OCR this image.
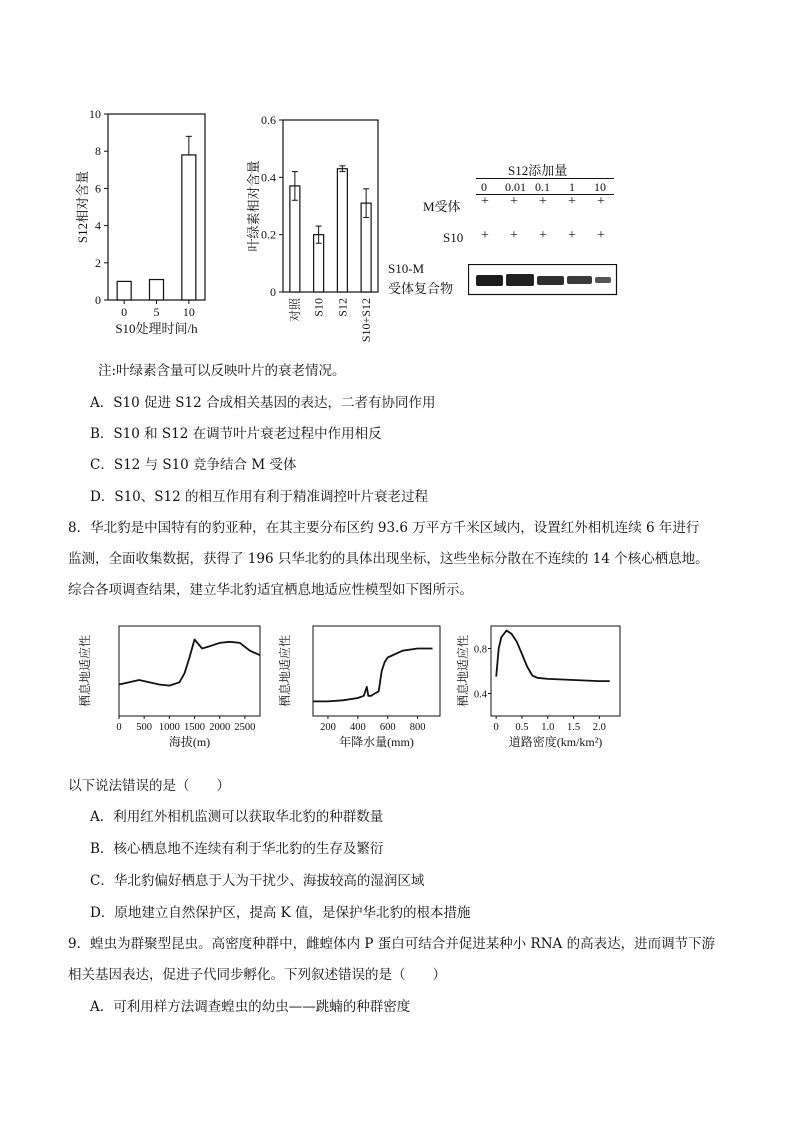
0
2
4
6
8
10
0 5 10
S10处理时间/h
S12相对含量
0
0.2
0.4
0.6
对照 S10 S12 S10+S12
叶绿素相对含量	S12添加量
0 0.01 0.1 1 10
M受体 + + + + +
S10 + + + + +
S10-M
受体复合物
注:叶绿素含量可以反映叶片的衰老情况。
A．S10 促进 S12 合成相关基因的表达，二者有协同作用
B．S10 和 S12 在调节叶片衰老过程中作用相反
C．S12 与 S10 竞争结合 M 受体
D．S10、S12 的相互作用有利于精准调控叶片衰老过程
8．华北豹是中国特有的豹亚种，在其主要分布区约 93.6 万平方千米区域内，设置红外相机连续 6 年进行
监测，全面收集数据，获得了 196 只华北豹的具体出现坐标，这些坐标分散在不连续的 14 个核心栖息地。
综合各项调查结果，建立华北豹适宜栖息地适应性模型如下图所示。
0 500 1000 1500 2000 2500
海拔(m)
栖息地适应性
200 400 600 800
年降水量(mm)
栖息地适应性
0 0.5 1.0 1.5 2.0
0.4
0.8
道路密度(km/km²)
栖息地适应性
以下说法错误的是（　　）
A．利用红外相机监测可以获取华北豹的种群数量
B．核心栖息地不连续有利于华北豹的生存及繁衍
C．华北豹偏好栖息于人为干扰少、海拔较高的湿润区域
D．原地建立自然保护区，提高 K 值，是保护华北豹的根本措施
9．蝗虫为群聚型昆虫。高密度种群中，雌蝗体内 P 蛋白可结合并促进某种小 RNA 的高表达，进而调节下游
相关基因表达，促进子代同步孵化。下列叙述错误的是（　　）
A．可利用样方法调查蝗虫的幼虫——跳蝻的种群密度
